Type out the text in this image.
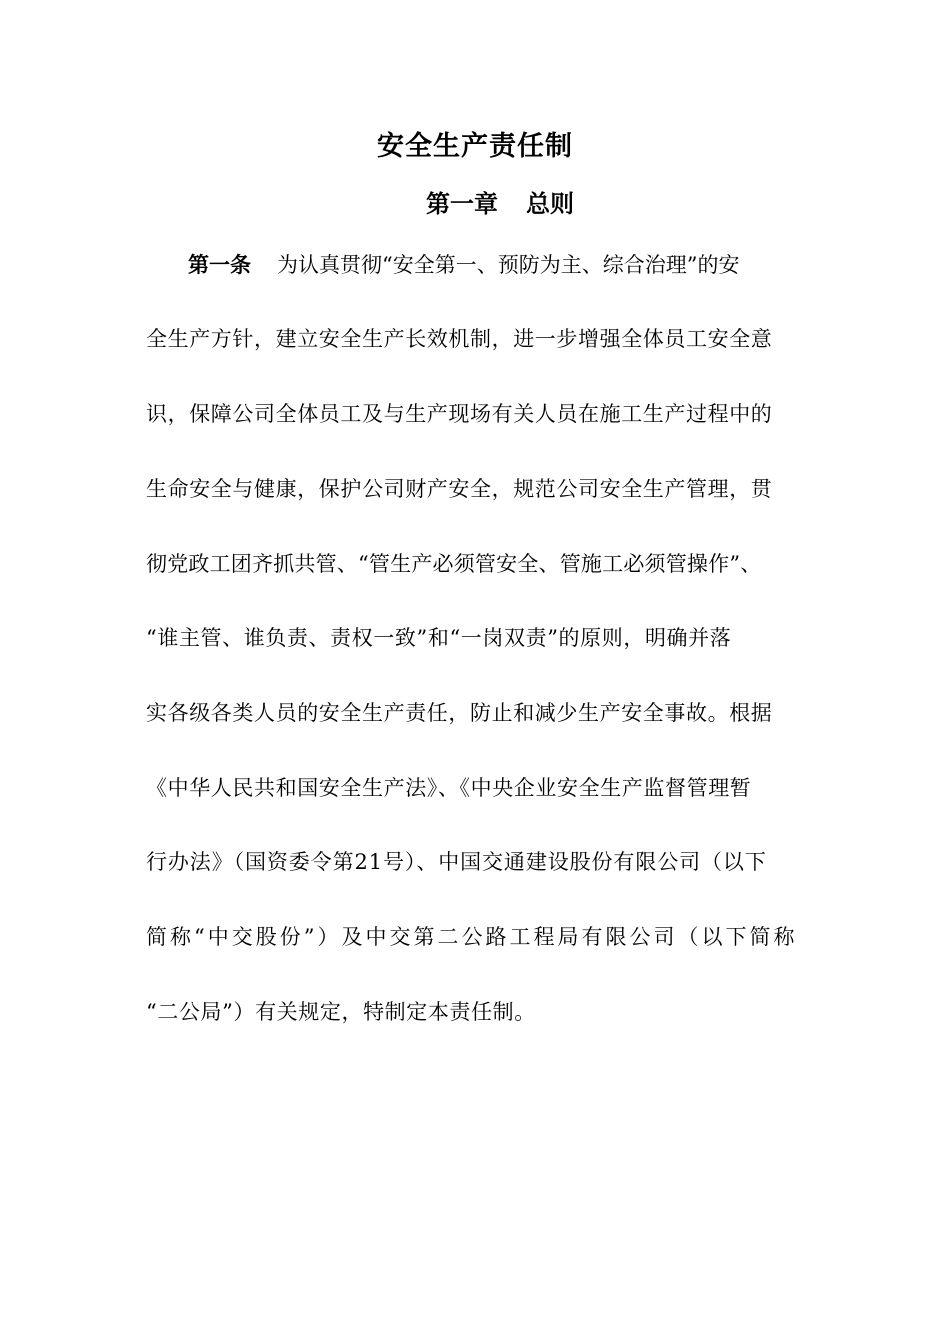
安全生产责任制
第一章 总则

第一条 为认真贯彻“安全第一、预防为主、综合治理”的安

全生产方针，建立安全生产长效机制，进一步增强全体员工安全意

识，保障公司全体员工及与生产现场有关人员在施工生产过程中的

生命安全与健康，保护公司财产安全，规范公司安全生产管理，贯

彻党政工团齐抓共管、“管生产必须管安全、管施工必须管操作”、

“谁主管、谁负责、责权一致”和“一岗双责”的原则，明确并落

实各级各类人员的安全生产责任，防止和减少生产安全事故。根据

《中华人民共和国安全生产法》、《中央企业安全生产监督管理暂

行办法》（国资委令第21号）、中国交通建设股份有限公司（以下

简称“中交股份”）及中交第二公路工程局有限公司（以下简称

“二公局”）有关规定，特制定本责任制。
